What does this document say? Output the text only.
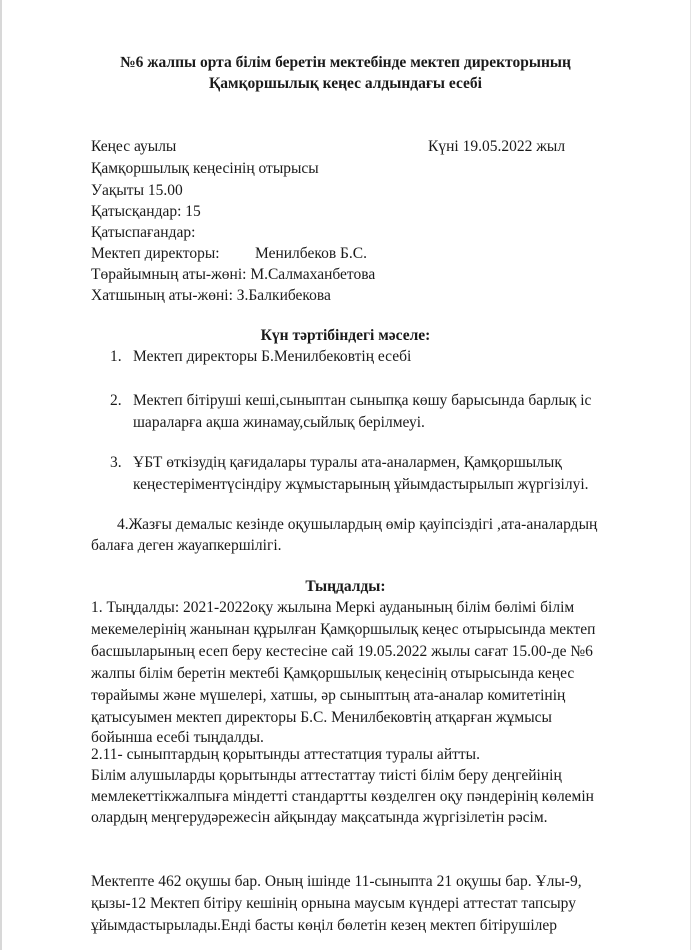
№6 жалпы орта білім беретін мектебінде мектеп директорының
Қамқоршылық кеңес алдындағы есебі
Кеңес ауылы	Күні 19.05.2022 жыл
Қамқоршылық кеңесінің отырысы
Уақыты 15.00
Қатысқандар: 15
Қатыспағандар:
Мектеп директоры: Менилбеков Б.С.
Төрайымның аты-жөні: М.Салмаханбетова
Хатшының аты-жөні: З.Балкибекова
Күн тәртібіндегі мәселе:
1. Мектеп директоры Б.Менилбековтің есебі
2. Мектеп бітіруші кеші,сыныптан сыныпқа көшу барысында барлық іс
шараларға ақша жинамау,сыйлық берілмеуі.
3. ҰБТ өткізудің қағидалары туралы ата-аналармен, Қамқоршылық
кеңестеріментүсіндіру жұмыстарының ұйымдастырылып жүргізілуі.
4.Жазғы демалыс кезінде оқушылардың өмір қауіпсіздігі ,ата-аналардың
балаға деген жауапкершілігі.
Тыңдалды:
1. Тыңдалды: 2021-2022оқу жылына Меркі ауданының білім бөлімі білім
мекемелерінің жанынан құрылған Қамқоршылық кеңес отырысында мектеп
басшыларының есеп беру кестесіне сай 19.05.2022 жылы сағат 15.00-де №6
жалпы білім беретін мектебі Қамқоршылық кеңесінің отырысында кеңес
төрайымы және мүшелері, хатшы, әр сыныптың ата-аналар комитетінің
қатысуымен мектеп директоры Б.С. Менилбековтің атқарған жұмысы
бойынша есебі тыңдалды.
2.11- сыныптардың қорытынды аттестатция туралы айтты.
Білім алушыларды қорытынды аттестаттау тиісті білім беру деңгейінің
мемлекеттікжалпыға міндетті стандартты көзделген оқу пәндерінің көлемін
олардың меңгерудәрежесін айқындау мақсатында жүргізілетін рәсім.
Мектепте 462 оқушы бар. Оның ішінде 11-сыныпта 21 оқушы бар. Ұлы-9,
қызы-12 Мектеп бітіру кешінің орнына маусым күндері аттестат тапсыру
ұйымдастырылады.Енді басты көңіл бөлетін кезең мектеп бітірушілер
